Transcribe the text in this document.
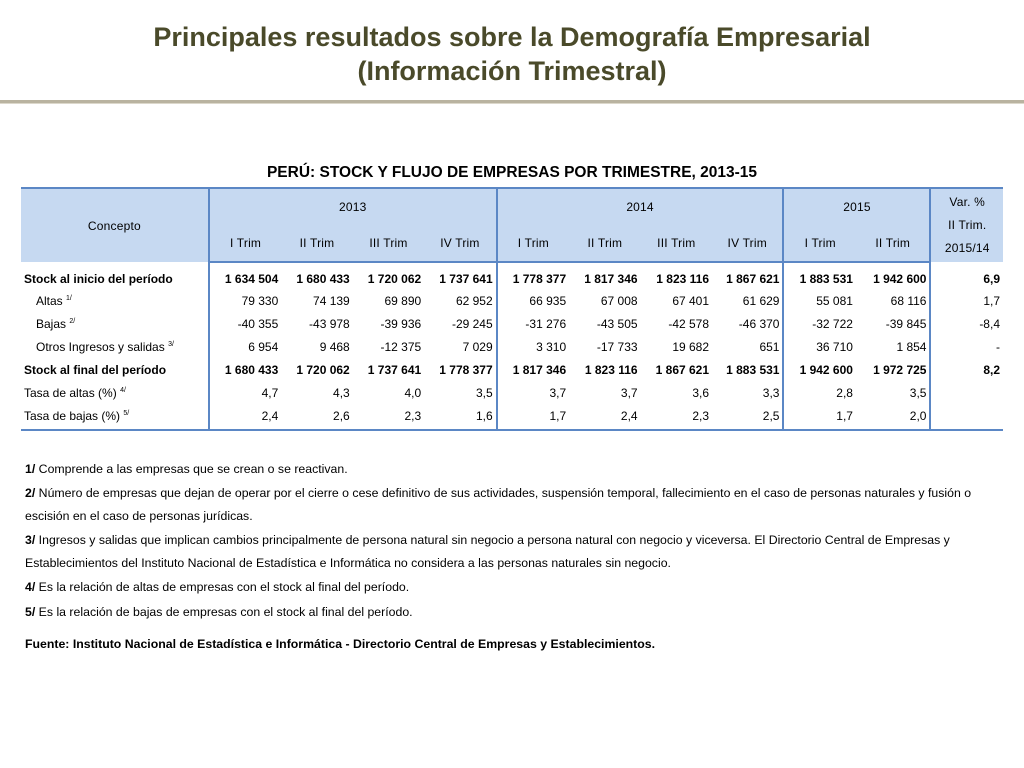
Principales resultados sobre la Demografía Empresarial
(Información Trimestral)
PERÚ: STOCK Y FLUJO DE EMPRESAS POR TRIMESTRE, 2013-15
Concepto	2013				2014				2015		Var. %
II Trim.
2015/14

	I Trim	II Trim	III Trim	IV Trim	I Trim	II Trim	III Trim	IV Trim	I Trim	II Trim	
Stock al inicio del período	1 634 504	1 680 433	1 720 062	1 737 641	1 778 377	1 817 346	1 823 116	1 867 621	1 883 531	1 942 600	6,9
Altas $^{1/}$	79 330	74 139	69 890	62 952	66 935	67 008	67 401	61 629	55 081	68 116	1,7
Bajas $^{2/}$	-40 355	-43 978	-39 936	-29 245	-31 276	-43 505	-42 578	-46 370	-32 722	-39 845	-8,4
Otros Ingresos y salidas $^{3/}$	6 954	9 468	-12 375	7 029	3 310	-17 733	19 682	651	36 710	1 854	-
Stock al final del período	1 680 433	1 720 062	1 737 641	1 778 377	1 817 346	1 823 116	1 867 621	1 883 531	1 942 600	1 972 725	8,2
Tasa de altas (%) $^{4/}$	4,7	4,3	4,0	3,5	3,7	3,7	3,6	3,3	2,8	3,5	
Tasa de bajas (%) $^{5/}$	2,4	2,6	2,3	1,6	1,7	2,4	2,3	2,5	1,7	2,0	

1/ Comprende a las empresas que se crean o se reactivan.

2/ Número de empresas que dejan de operar por el cierre o cese definitivo de sus actividades, suspensión temporal, fallecimiento en el caso de personas naturales y fusión o escisión en el caso de personas jurídicas.

3/ Ingresos y salidas que implican cambios principalmente de persona natural sin negocio a persona natural con negocio y viceversa. El Directorio Central de Empresas y Establecimientos del Instituto Nacional de Estadística e Informática no considera a las personas naturales sin negocio.

4/ Es la relación de altas de empresas con el stock al final del período.

5/ Es la relación de bajas de empresas con el stock al final del período.

Fuente: Instituto Nacional de Estadística e Informática - Directorio Central de Empresas y Establecimientos.
